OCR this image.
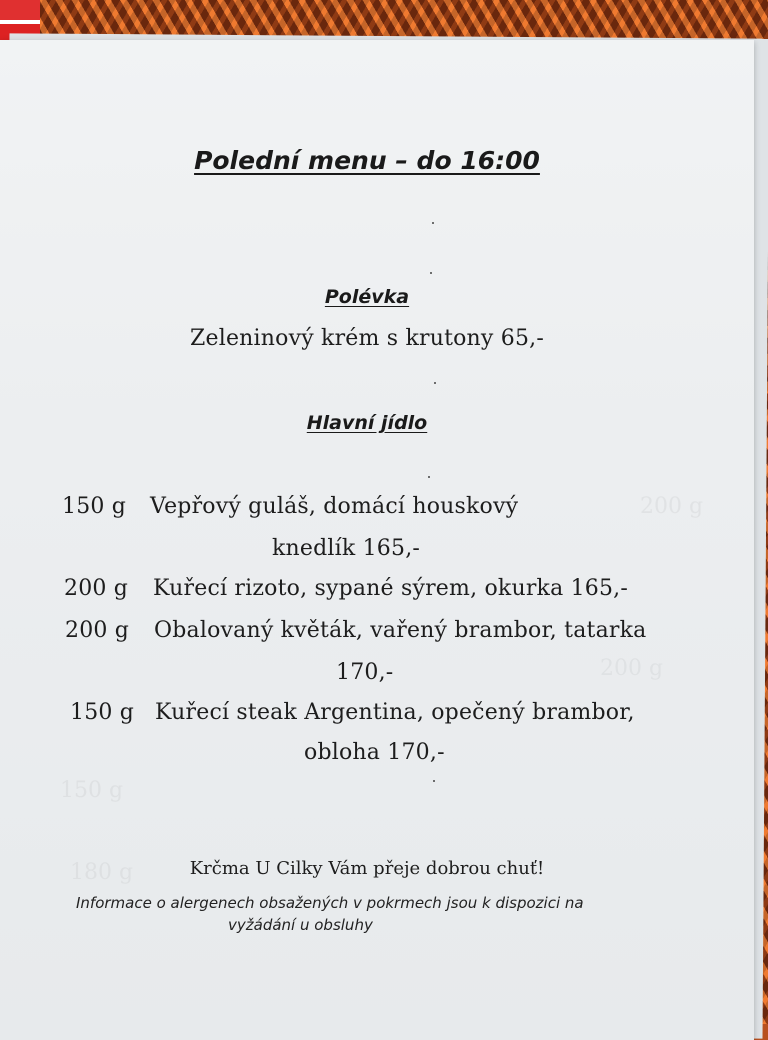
200 g
200 g
150 g
180 g
Polední menu – do 16:00
Polévka
Zeleninový krém s krutony 65,-
Hlavní jídlo
150 g Vepřový guláš, domácí houskový
knedlík 165,-
200 g Kuřecí rizoto, sypané sýrem, okurka 165,-
200 g Obalovaný květák, vařený brambor, tatarka
170,-
150 g Kuřecí steak Argentina, opečený brambor,
obloha 170,-
Krčma U Cilky Vám přeje dobrou chuť!
Informace o alergenech obsažených v pokrmech jsou k dispozici na
vyžádání u obsluhy
